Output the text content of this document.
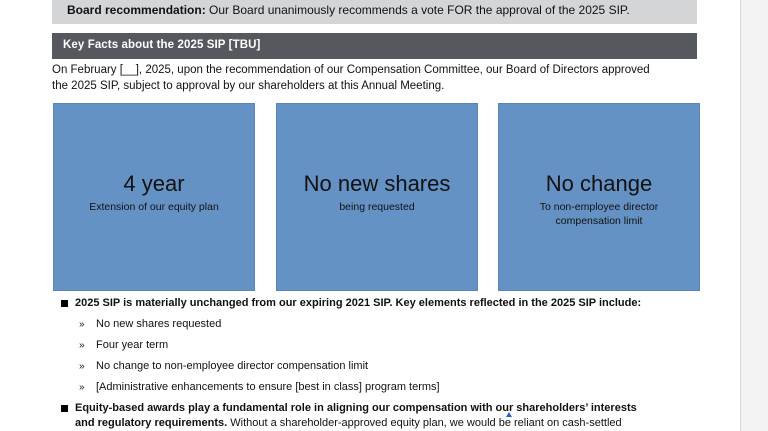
Board recommendation: Our Board unanimously recommends a vote FOR the approval of the 2025 SIP.
Key Facts about the 2025 SIP [TBU]
On February [__], 2025, upon the recommendation of our Compensation Committee, our Board of Directors approved
the 2025 SIP, subject to approval by our shareholders at this Annual Meeting.
4 year
Extension of our equity plan
No new shares
being requested
No change
To non-employee director
compensation limit
2025 SIP is materially unchanged from our expiring 2021 SIP. Key elements reflected in the 2025 SIP include:
» No new shares requested
» Four year term
» No change to non-employee director compensation limit
» [Administrative enhancements to ensure [best in class] program terms]
Equity-based awards play a fundamental role in aligning our compensation with our shareholders’ interests
and regulatory requirements. Without a shareholder-approved equity plan, we would be reliant on cash-settled
